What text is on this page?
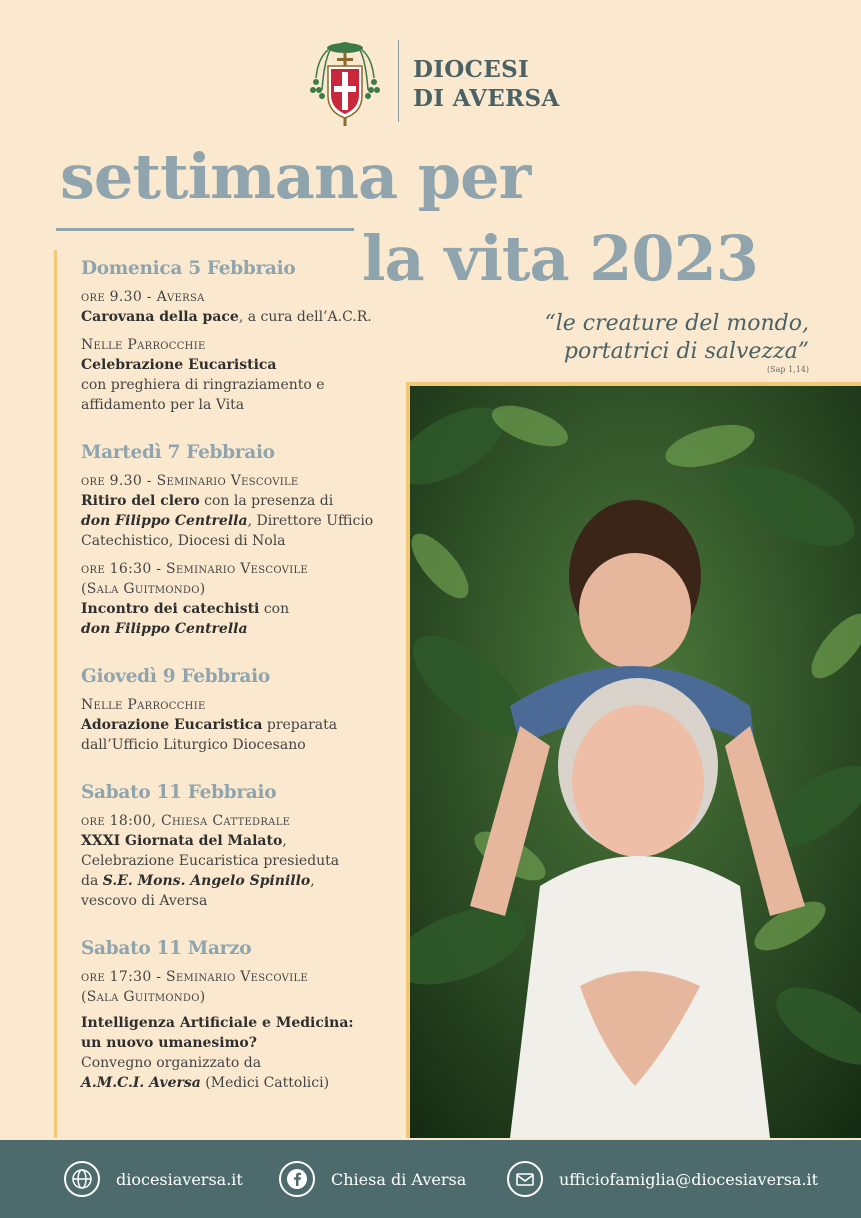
DIOCESI
DI AVERSA
settimana per
la vita 2023
“le creature del mondo,
portatrici di salvezza”
(Sap 1,14)
Domenica 5 Febbraio
ore 9.30 - Aversa
Carovana della pace, a cura dell’A.C.R.
Nelle Parrocchie
Celebrazione Eucaristica
con preghiera di ringraziamento e
affidamento per la Vita
Martedì 7 Febbraio
ore 9.30 - Seminario Vescovile
Ritiro del clero con la presenza di
don Filippo Centrella, Direttore Ufficio
Catechistico, Diocesi di Nola
ore 16:30 - Seminario Vescovile
(Sala Guitmondo)
Incontro dei catechisti con
don Filippo Centrella
Giovedì 9 Febbraio
Nelle Parrocchie
Adorazione Eucaristica preparata
dall’Ufficio Liturgico Diocesano
Sabato 11 Febbraio
ore 18:00, Chiesa Cattedrale
XXXI Giornata del Malato,
Celebrazione Eucaristica presieduta
da S.E. Mons. Angelo Spinillo,
vescovo di Aversa
Sabato 11 Marzo
ore 17:30 - Seminario Vescovile
(Sala Guitmondo)
Intelligenza Artificiale e Medicina:
un nuovo umanesimo?
Convegno organizzato da
A.M.C.I. Aversa (Medici Cattolici)
diocesiaversa.it	Chiesa di Aversa	ufficiofamiglia@diocesiaversa.it
